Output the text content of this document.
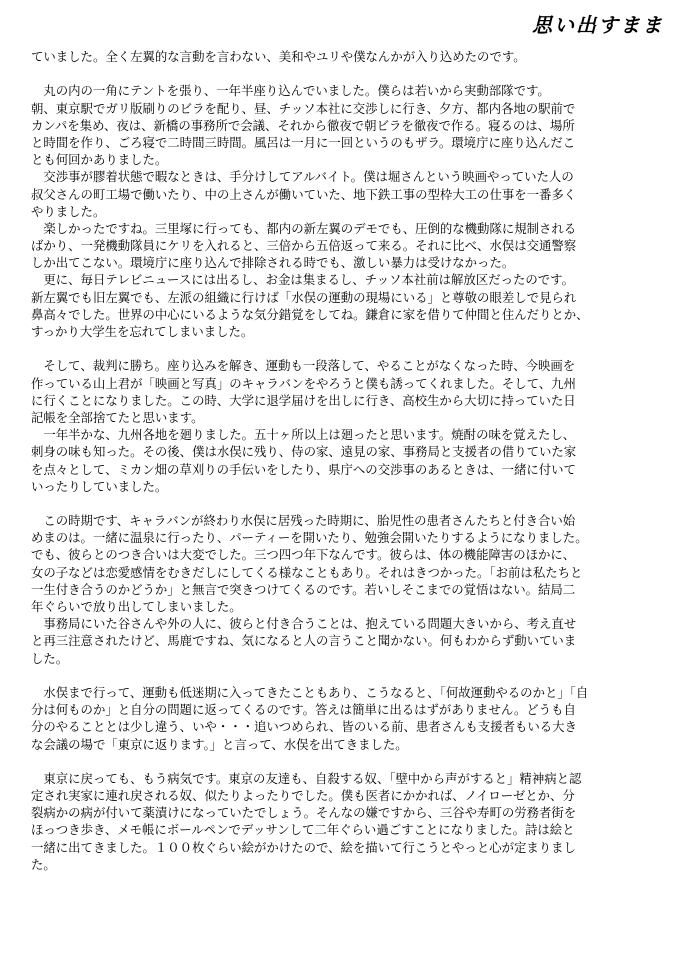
思い出すまま
ていました。全く左翼的な言動を言わない、美和やユリや僕なんかが入り込めたのです。
　丸の内の一角にテントを張り、一年半座り込んでいました。僕らは若いから実動部隊です。
朝、東京駅でガリ版刷りのビラを配り、昼、チッソ本社に交渉しに行き、夕方、都内各地の駅前で
カンパを集め、夜は、新橋の事務所で会議、それから徹夜で朝ビラを徹夜で作る。寝るのは、場所
と時間を作り、ごろ寝で二時間三時間。風呂は一月に一回というのもザラ。環境庁に座り込んだこ
とも何回かありました。
　交渉事が膠着状態で暇なときは、手分けしてアルバイト。僕は堀さんという映画やっていた人の
叔父さんの町工場で働いたり、中の上さんが働いていた、地下鉄工事の型枠大工の仕事を一番多く
やりました。
　楽しかったですね。三里塚に行っても、都内の新左翼のデモでも、圧倒的な機動隊に規制される
ばかり、一発機動隊員にケリを入れると、三倍から五倍返って来る。それに比べ、水俣は交通警察
しか出てこない。環境庁に座り込んで排除される時でも、激しい暴力は受けなかった。
　更に、毎日テレビニュースには出るし、お金は集まるし、チッソ本社前は解放区だったのです。
新左翼でも旧左翼でも、左派の組織に行けば「水俣の運動の現場にいる」と尊敬の眼差しで見られ
鼻高々でした。世界の中心にいるような気分錯覚をしてね。鎌倉に家を借りて仲間と住んだりとか、
すっかり大学生を忘れてしまいました。
　そして、裁判に勝ち。座り込みを解き、運動も一段落して、やることがなくなった時、今映画を
作っている山上君が「映画と写真」のキャラバンをやろうと僕も誘ってくれました。そして、九州
に行くことになりました。この時、大学に退学届けを出しに行き、高校生から大切に持っていた日
記帳を全部捨てたと思います。
　一年半かな、九州各地を廻りました。五十ヶ所以上は廻ったと思います。焼酎の味を覚えたし、
刺身の味も知った。その後、僕は水俣に残り、侍の家、遠見の家、事務局と支援者の借りていた家
を点々として、ミカン畑の草刈りの手伝いをしたり、県庁への交渉事のあるときは、一緒に付いて
いったりしていました。
　この時期です、キャラバンが終わり水俣に居残った時期に、胎児性の患者さんたちと付き合い始
めまのは。一緒に温泉に行ったり、パーティーを開いたり、勉強会開いたりするようになりました。
でも、彼らとのつき合いは大変でした。三つ四つ年下なんです。彼らは、体の機能障害のほかに、
女の子などは恋愛感情をむきだしにしてくる様なこともあり。それはきつかった。「お前は私たちと
一生付き合うのかどうか」と無言で突きつけてくるのです。若いしそこまでの覚悟はない。結局二
年ぐらいで放り出してしまいました。
　事務局にいた谷さんや外の人に、彼らと付き合うことは、抱えている問題大きいから、考え直せ
と再三注意されたけど、馬鹿ですね、気になると人の言うこと聞かない。何もわからず動いていま
した。
　水俣まで行って、運動も低迷期に入ってきたこともあり、こうなると、「何故運動やるのかと」「自
分は何ものか」と自分の問題に返ってくるのです。答えは簡単に出るはずがありません。どうも自
分のやることとは少し違う、いや・・・追いつめられ、皆のいる前、患者さんも支援者もいる大き
な会議の場で「東京に返ります。」と言って、水俣を出てきました。
　東京に戻っても、もう病気です。東京の友達も、自殺する奴、「壁中から声がすると」精神病と認
定され実家に連れ戻される奴、似たりよったりでした。僕も医者にかかれば、ノイローゼとか、分
裂病かの病が付いて薬漬けになっていたでしょう。そんなの嫌ですから、三谷や寿町の労務者街を
ほっつき歩き、メモ帳にボールペンでデッサンして二年ぐらい過ごすことになりました。詩は絵と
一緒に出てきました。１００枚ぐらい絵がかけたので、絵を描いて行こうとやっと心が定まりまし
た。
